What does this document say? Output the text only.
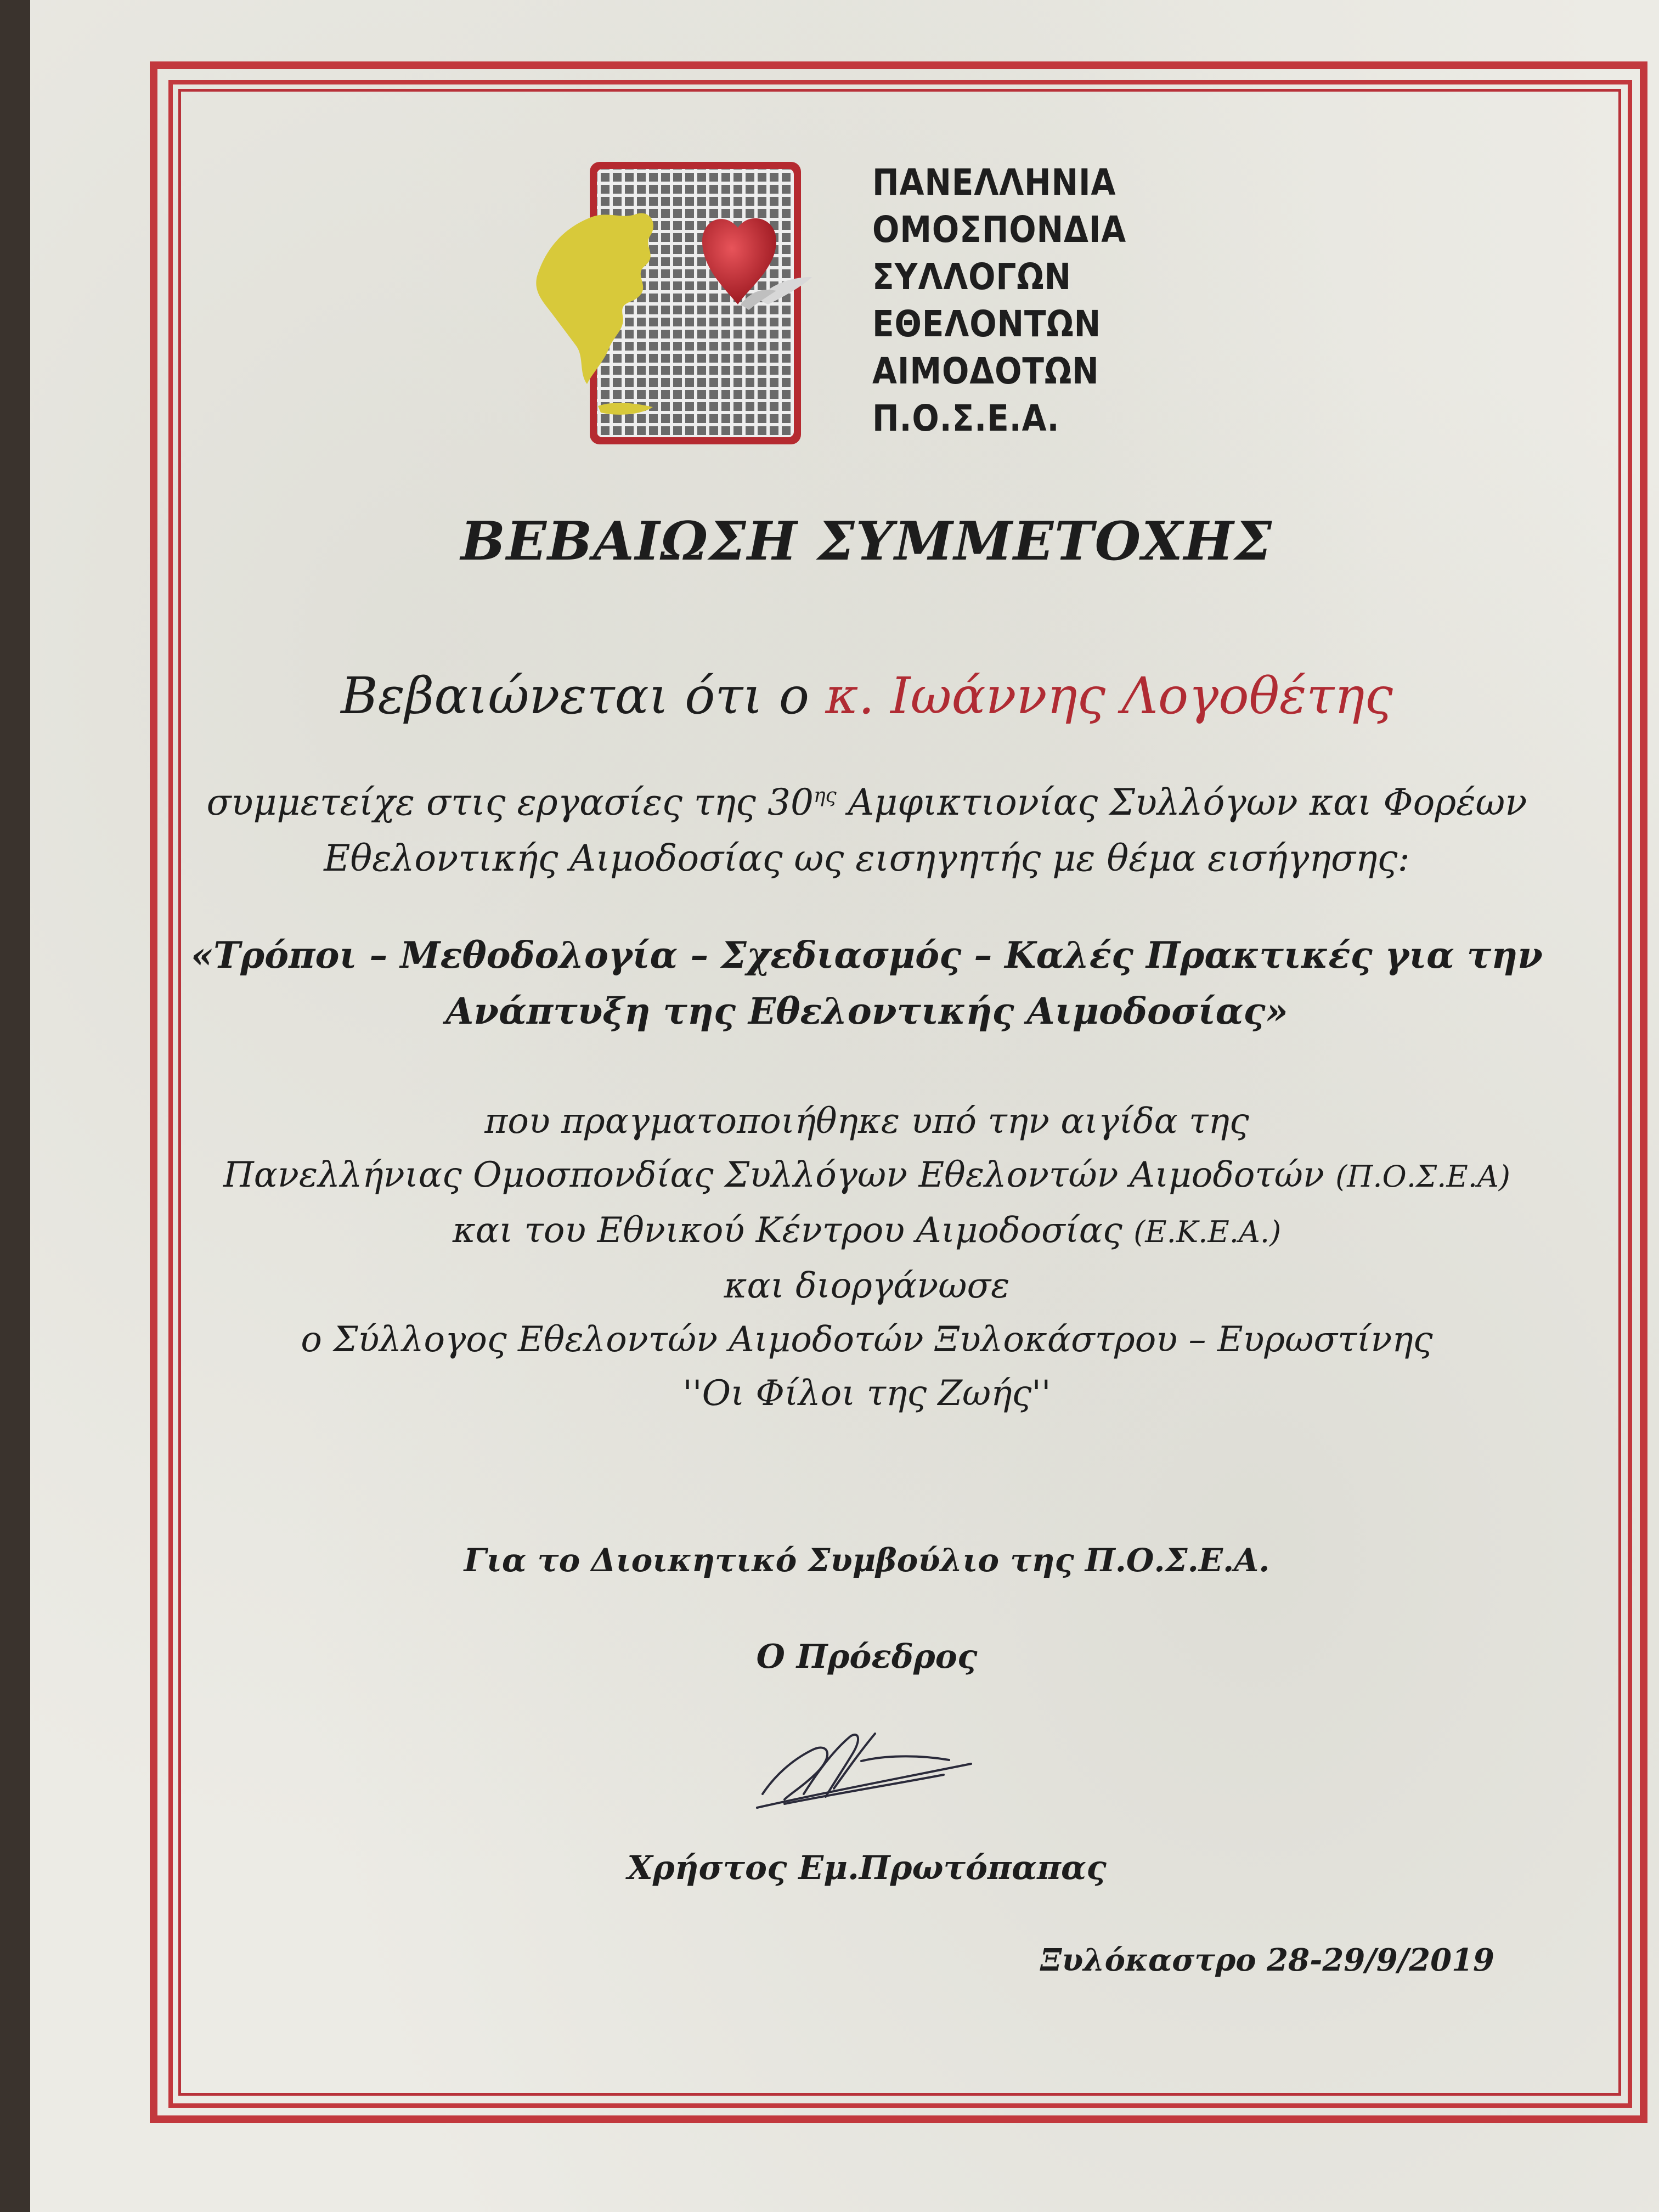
ΠΑΝΕΛΛΗΝΙΑ
ΟΜΟΣΠΟΝΔΙΑ
ΣΥΛΛΟΓΩΝ
ΕΘΕΛΟΝΤΩΝ
ΑΙΜΟΔΟΤΩΝ
Π.Ο.Σ.Ε.Α.
ΒΕΒΑΙΩΣΗ ΣΥΜΜΕΤΟΧΗΣ
Βεβαιώνεται ότι ο κ. Ιωάννης Λογοθέτης
συμμετείχε στις εργασίες της $30^{\eta\varsigma}$ Αμφικτιονίας Συλλόγων και Φορέων
Εθελοντικής Αιμοδοσίας ως εισηγητής με θέμα εισήγησης:
«Τρόποι – Μεθοδολογία – Σχεδιασμός – Καλές Πρακτικές για την
Ανάπτυξη της Εθελοντικής Αιμοδοσίας»
που πραγματοποιήθηκε υπό την αιγίδα της
Πανελλήνιας Ομοσπονδίας Συλλόγων Εθελοντών Αιμοδοτών (Π.Ο.Σ.Ε.Α)
και του Εθνικού Κέντρου Αιμοδοσίας (Ε.Κ.Ε.Α.)
και διοργάνωσε
ο Σύλλογος Εθελοντών Αιμοδοτών Ξυλοκάστρου – Ευρωστίνης
''Οι Φίλοι της Ζωής''
Για το Διοικητικό Συμβούλιο της Π.Ο.Σ.Ε.Α.
Ο Πρόεδρος
Χρήστος Εμ.Πρωτόπαπας
Ξυλόκαστρο 28-29/9/2019
